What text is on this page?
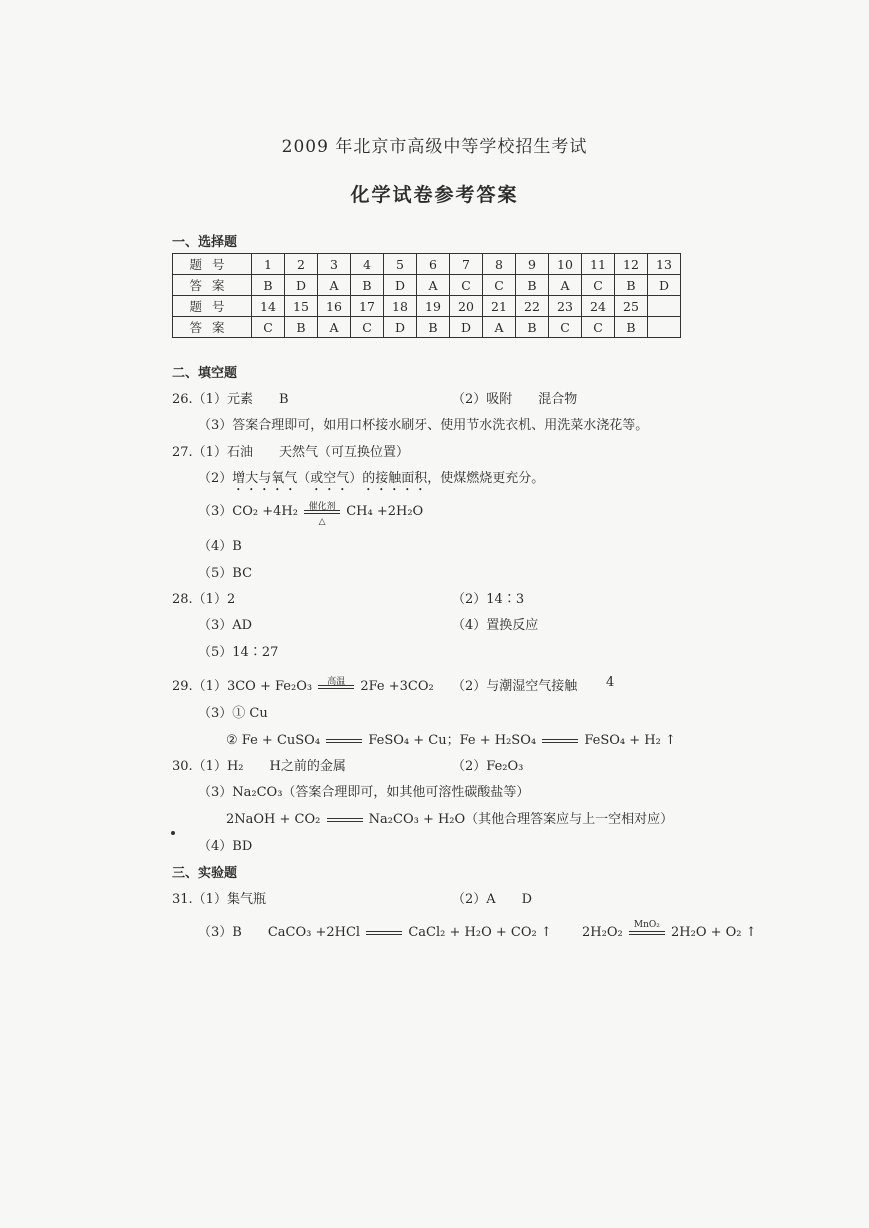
2009 年北京市高级中等学校招生考试
化学试卷参考答案
一、选择题
题号	1	2	3	4	5	6	7	8	9	10	11	12	13
答案	B	D	A	B	D	A	C	C	B	A	C	B	D
题号	14	15	16	17	18	19	20	21	22	23	24	25	
答案	C	B	A	C	D	B	D	A	B	C	C	B	
二、填空题
26.（1）元素　　B	（2）吸附　　混合物
（3）答案合理即可，如用口杯接水刷牙、使用节水洗衣机、用洗菜水浇花等。
27.（1）石油　　天然气（可互换位置）
（2）增大与氧气（或空气）的接触面积，使煤燃烧更充分。
（3）CO₂ +4H₂	催化剂
△
CH₄ +2H₂O
（4）B
（5）BC
28.（1）2	（2）14∶3
（3）AD	（4）置换反应
（5）14∶27
29.（1）3CO + Fe₂O₃	高温	2Fe +3CO₂ （2）与潮湿空气接触 4
（3）① Cu
② Fe + CuSO₄	FeSO₄ + Cu；Fe + H₂SO₄	FeSO₄ + H₂ ↑
30.（1）H₂　　H之前的金属	（2）Fe₂O₃
（3）Na₂CO₃（答案合理即可，如其他可溶性碳酸盐等）
2NaOH + CO₂	Na₂CO₃ + H₂O（其他合理答案应与上一空相对应）
（4）BD
三、实验题
31.（1）集气瓶	（2）A　　D
（3）B　　CaCO₃ +2HCl	CaCl₂ + H₂O + CO₂ ↑ 2H₂O₂
MnO₂
2H₂O + O₂ ↑
